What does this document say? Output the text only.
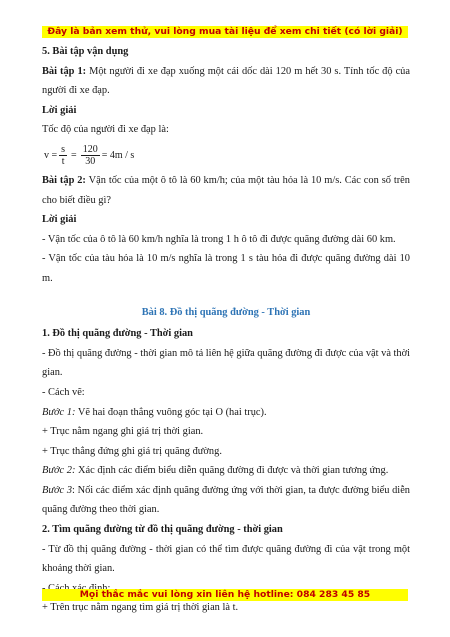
Đây là bản xem thử, vui lòng mua tài liệu để xem chi tiết (có lời giải)

5. Bài tập vận dụng

Bài tập 1: Một người đi xe đạp xuống một cái dốc dài 120 m hết 30 s. Tính tốc độ của người đi xe đạp.

Lời giải

Tốc độ của người đi xe đạp là:

$v = \frac{s}{t} = \frac{120}{30} = 4m / s$

Bài tập 2: Vận tốc của một ô tô là 60 km/h; của một tàu hỏa là 10 m/s. Các con số trên cho biết điều gì?

Lời giải

- Vận tốc của ô tô là 60 km/h nghĩa là trong 1 h ô tô đi được quãng đường dài 60 km.

- Vận tốc của tàu hỏa là 10 m/s nghĩa là trong 1 s tàu hỏa đi được quãng đường dài 10 m.

Bài 8. Đồ thị quãng đường - Thời gian

1. Đồ thị quãng đường - Thời gian

- Đồ thị quãng đường - thời gian mô tả liên hệ giữa quãng đường đi được của vật và thời gian.

- Cách vẽ:

Bước 1: Vẽ hai đoạn thẳng vuông góc tại O (hai trục).

+ Trục nằm ngang ghi giá trị thời gian.

+ Trục thẳng đứng ghi giá trị quãng đường.

Bước 2: Xác định các điểm biểu diễn quãng đường đi được và thời gian tương ứng.

Bước 3: Nối các điểm xác định quãng đường ứng với thời gian, ta được đường biểu diễn quãng đường theo thời gian.

2. Tìm quãng đường từ đồ thị quãng đường - thời gian

- Từ đồ thị quãng đường - thời gian có thể tìm được quãng đường đi của vật trong một khoảng thời gian.

+ Trên trục nằm ngang tìm giá trị thời gian là t.

Mọi thắc mắc vui lòng xin liên hệ hotline: 084 283 45 85
